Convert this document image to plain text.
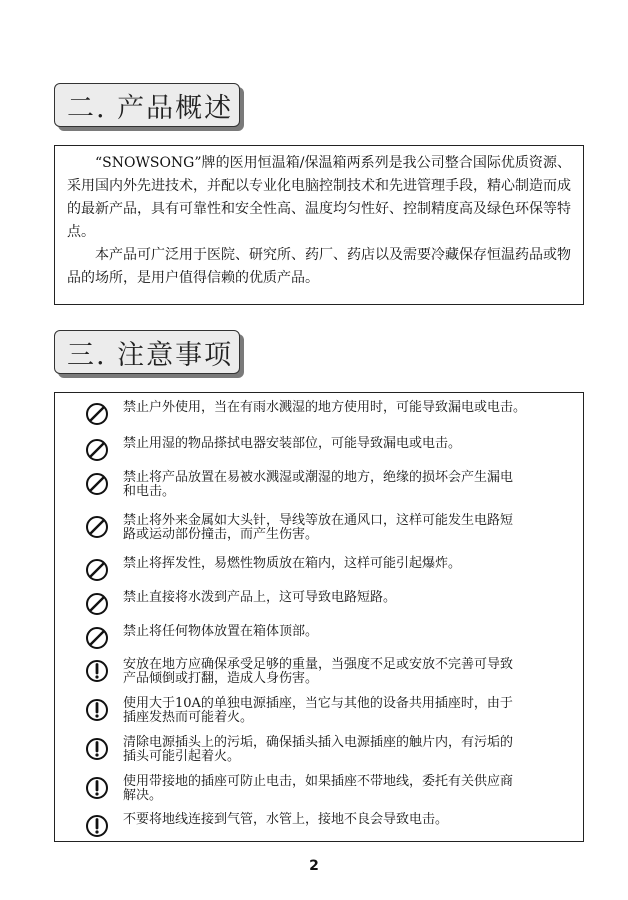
二. 产品概述

“SNOWSONG”牌的医用恒温箱/保温箱两系列是我公司整合国际优质资源、采用国内外先进技术，并配以专业化电脑控制技术和先进管理手段，精心制造而成的最新产品，具有可靠性和安全性高、温度均匀性好、控制精度高及绿色环保等特点。

本产品可广泛用于医院、研究所、药厂、药店以及需要冷藏保存恒温药品或物品的场所，是用户值得信赖的优质产品。

三. 注意事项
禁止户外使用，当在有雨水溅湿的地方使用时，可能导致漏电或电击。
禁止用湿的物品搽拭电器安装部位，可能导致漏电或电击。
禁止将产品放置在易被水溅湿或潮湿的地方，绝缘的损坏会产生漏电
和电击。
禁止将外来金属如大头针，导线等放在通风口，这样可能发生电路短
路或运动部份撞击，而产生伤害。
禁止将挥发性，易燃性物质放在箱内，这样可能引起爆炸。
禁止直接将水泼到产品上，这可导致电路短路。
禁止将任何物体放置在箱体顶部。
安放在地方应确保承受足够的重量，当强度不足或安放不完善可导致
产品倾倒或打翻，造成人身伤害。
使用大于10A的单独电源插座，当它与其他的设备共用插座时，由于
插座发热而可能着火。
清除电源插头上的污垢，确保插头插入电源插座的触片内，有污垢的
插头可能引起着火。
使用带接地的插座可防止电击，如果插座不带地线，委托有关供应商
解决。
不要将地线连接到气管，水管上，接地不良会导致电击。
2
